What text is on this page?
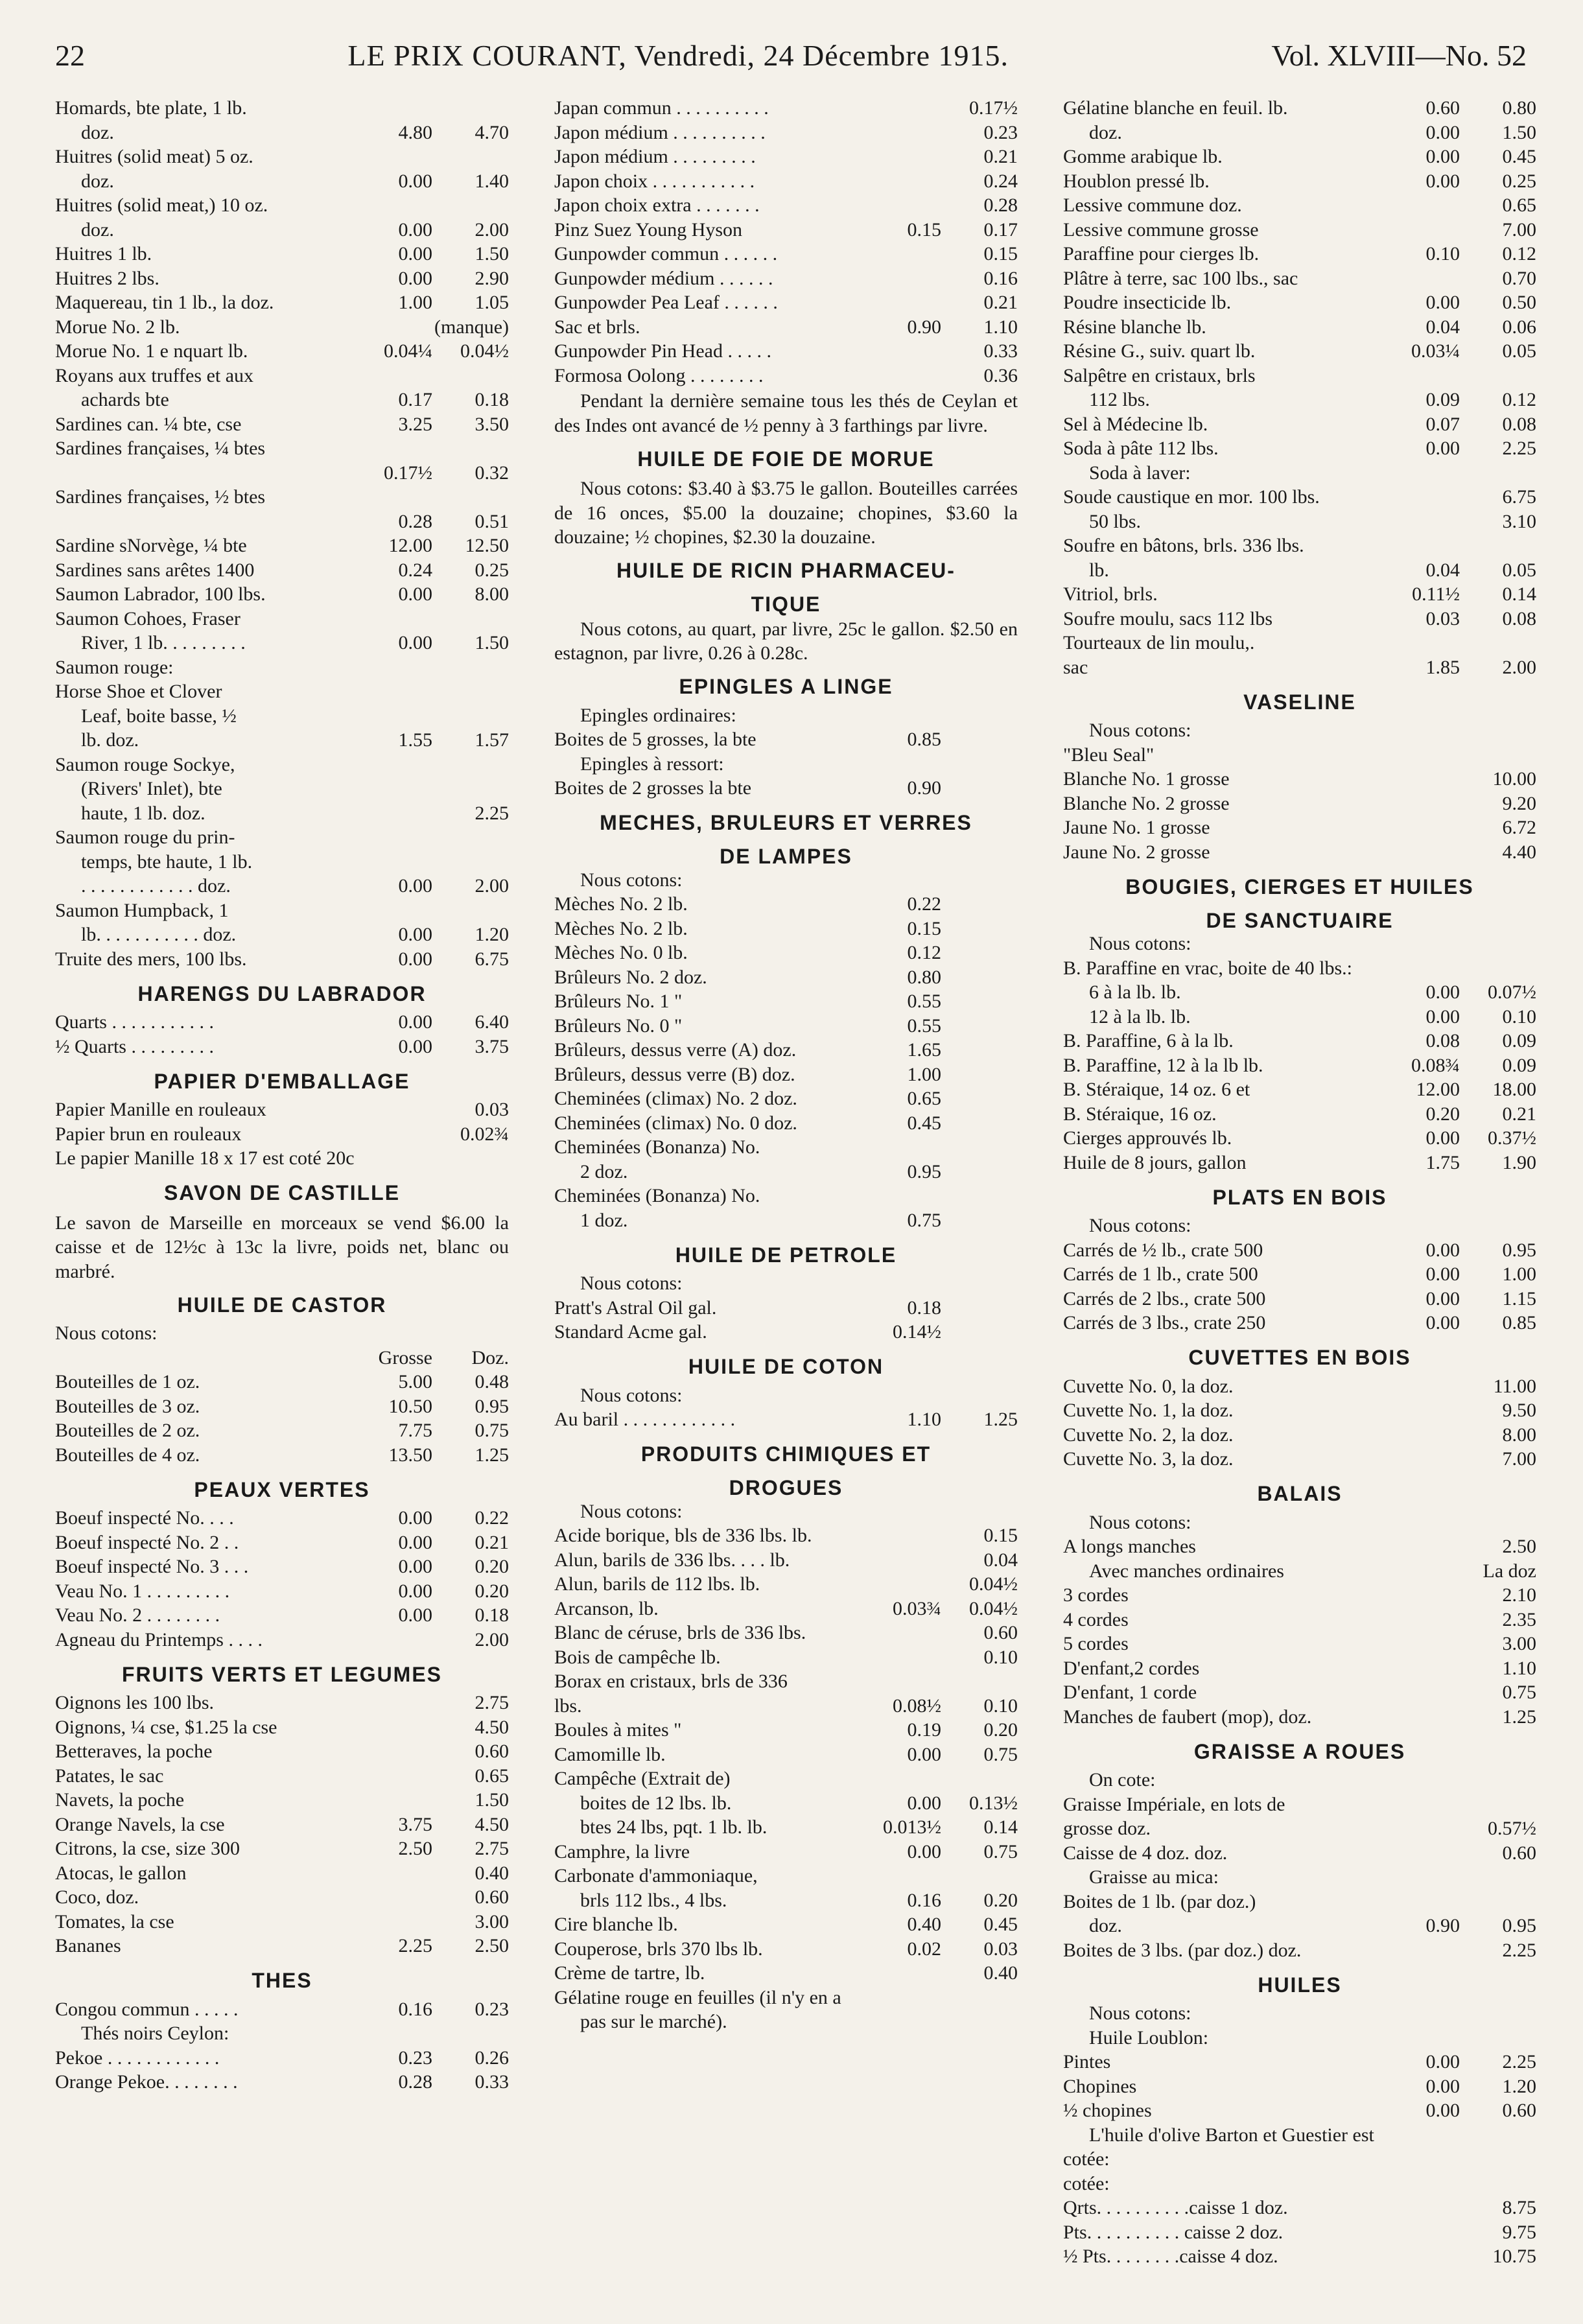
22	LE PRIX COURANT, Vendredi, 24 Décembre 1915.	Vol. XLVIII—No. 52
Homards, bte plate, 1 lb.
doz.	4.80	4.70
Huitres (solid meat) 5 oz.
doz.	0.00	1.40
Huitres (solid meat,) 10 oz.
doz.	0.00	2.00
Huitres 1 lb.	0.00	1.50
Huitres 2 lbs.	0.00	2.90
Maquereau, tin 1 lb., la doz.	1.00	1.05
Morue No. 2 lb.	(manque)
Morue No. 1 e nquart lb.	0.04¼	0.04½
Royans aux truffes et aux
achards bte	0.17	0.18
Sardines can. ¼ bte, cse	3.25	3.50
Sardines françaises, ¼ btes
0.17½	0.32
Sardines françaises, ½ btes
0.28	0.51
Sardine sNorvège, ¼ bte	12.00	12.50
Sardines sans arêtes 1400	0.24	0.25
Saumon Labrador, 100 lbs.	0.00	8.00
Saumon Cohoes, Fraser
River, 1 lb. . . . . . . . .	0.00	1.50
Saumon rouge:
Horse Shoe et Clover
Leaf, boite basse, ½
lb. doz.	1.55	1.57
Saumon rouge Sockye,
(Rivers' Inlet), bte
haute, 1 lb. doz.	2.25
Saumon rouge du prin-
temps, bte haute, 1 lb.
. . . . . . . . . . . . doz.	0.00	2.00
Saumon Humpback, 1
lb. . . . . . . . . . . doz.	0.00	1.20
Truite des mers, 100 lbs.	0.00	6.75
HARENGS DU LABRADOR
Quarts . . . . . . . . . . .	0.00	6.40
½ Quarts . . . . . . . . .	0.00	3.75
PAPIER D'EMBALLAGE
Papier Manille en rouleaux	0.03
Papier brun en rouleaux	0.02¾
Le papier Manille 18 x 17 est coté 20c
SAVON DE CASTILLE
Le savon de Marseille en morceaux se vend $6.00 la caisse et de 12½c à 13c la livre, poids net, blanc ou marbré.
HUILE DE CASTOR
Nous cotons:
Grosse	Doz.
Bouteilles de 1 oz.	5.00	0.48
Bouteilles de 3 oz.	10.50	0.95
Bouteilles de 2 oz.	7.75	0.75
Bouteilles de 4 oz.	13.50	1.25
PEAUX VERTES
Boeuf inspecté No. . . .	0.00	0.22
Boeuf inspecté No. 2 . .	0.00	0.21
Boeuf inspecté No. 3 . . .	0.00	0.20
Veau No. 1 . . . . . . . . .	0.00	0.20
Veau No. 2 . . . . . . . .	0.00	0.18
Agneau du Printemps . . . .	2.00
FRUITS VERTS ET LEGUMES
Oignons les 100 lbs.	2.75
Oignons, ¼ cse, $1.25 la cse	4.50
Betteraves, la poche	0.60
Patates, le sac	0.65
Navets, la poche	1.50
Orange Navels, la cse	3.75	4.50
Citrons, la cse, size 300	2.50	2.75
Atocas, le gallon	0.40
Coco, doz.	0.60
Tomates, la cse	3.00
Bananes	2.25	2.50
THES
Congou commun . . . . .	0.16	0.23
Thés noirs Ceylon:
Pekoe . . . . . . . . . . . .	0.23	0.26
Orange Pekoe. . . . . . . .	0.28	0.33
Japan commun . . . . . . . . . .	0.17½
Japon médium . . . . . . . . . .	0.23
Japon médium . . . . . . . . .	0.21
Japon choix . . . . . . . . . . .	0.24
Japon choix extra . . . . . . .	0.28
Pinz Suez Young Hyson	0.15	0.17
Gunpowder commun . . . . . .	0.15
Gunpowder médium . . . . . .	0.16
Gunpowder Pea Leaf . . . . . .	0.21
Sac et brls.	0.90	1.10
Gunpowder Pin Head . . . . .	0.33
Formosa Oolong . . . . . . . .	0.36
Pendant la dernière semaine tous les thés de Ceylan et des Indes ont avancé de ½ penny à 3 farthings par livre.
HUILE DE FOIE DE MORUE
Nous cotons: $3.40 à $3.75 le gallon. Bouteilles carrées de 16 onces, $5.00 la douzaine; chopines, $3.60 la douzaine; ½ chopines, $2.30 la douzaine.
HUILE DE RICIN PHARMACEU-
TIQUE
Nous cotons, au quart, par livre, 25c le gallon. $2.50 en estagnon, par livre, 0.26 à 0.28c.
EPINGLES A LINGE
Epingles ordinaires:
Boites de 5 grosses, la bte	0.85
Epingles à ressort:
Boites de 2 grosses la bte	0.90
MECHES, BRULEURS ET VERRES
DE LAMPES
Nous cotons:
Mèches No. 2 lb.	0.22
Mèches No. 2 lb.	0.15
Mèches No. 0 lb.	0.12
Brûleurs No. 2 doz.	0.80
Brûleurs No. 1 "	0.55
Brûleurs No. 0 "	0.55
Brûleurs, dessus verre (A) doz.	1.65
Brûleurs, dessus verre (B) doz.	1.00
Cheminées (climax) No. 2 doz.	0.65
Cheminées (climax) No. 0 doz.	0.45
Cheminées (Bonanza) No.
2 doz.	0.95
Cheminées (Bonanza) No.
1 doz.	0.75
HUILE DE PETROLE
Nous cotons:
Pratt's Astral Oil gal.	0.18
Standard Acme gal.	0.14½
HUILE DE COTON
Nous cotons:
Au baril . . . . . . . . . . . .	1.10	1.25
PRODUITS CHIMIQUES ET
DROGUES
Nous cotons:
Acide borique, bls de 336 lbs. lb.	0.15
Alun, barils de 336 lbs. . . . lb.	0.04
Alun, barils de 112 lbs. lb.	0.04½
Arcanson, lb.	0.03¾	0.04½
Blanc de céruse, brls de 336 lbs.	0.60
Bois de campêche lb.	0.10
Borax en cristaux, brls de 336
lbs.	0.08½	0.10
Boules à mites "	0.19	0.20
Camomille lb.	0.00	0.75
Campêche (Extrait de)
boites de 12 lbs. lb.	0.00	0.13½
btes 24 lbs, pqt. 1 lb. lb.	0.013½	0.14
Camphre, la livre	0.00	0.75
Carbonate d'ammoniaque,
brls 112 lbs., 4 lbs.	0.16	0.20
Cire blanche lb.	0.40	0.45
Couperose, brls 370 lbs lb.	0.02	0.03
Crème de tartre, lb.	0.40
Gélatine rouge en feuilles (il n'y en a
pas sur le marché).
Gélatine blanche en feuil. lb.	0.60	0.80
doz.	0.00	1.50
Gomme arabique lb.	0.00	0.45
Houblon pressé lb.	0.00	0.25
Lessive commune doz.	0.65
Lessive commune grosse	7.00
Paraffine pour cierges lb.	0.10	0.12
Plâtre à terre, sac 100 lbs., sac	0.70
Poudre insecticide lb.	0.00	0.50
Résine blanche lb.	0.04	0.06
Résine G., suiv. quart lb.	0.03¼	0.05
Salpêtre en cristaux, brls
112 lbs.	0.09	0.12
Sel à Médecine lb.	0.07	0.08
Soda à pâte 112 lbs.	0.00	2.25
Soda à laver:
Soude caustique en mor. 100 lbs.	6.75
50 lbs.	3.10
Soufre en bâtons, brls. 336 lbs.
lb.	0.04	0.05
Vitriol, brls.	0.11½	0.14
Soufre moulu, sacs 112 lbs	0.03	0.08
Tourteaux de lin moulu,.
sac	1.85	2.00
VASELINE
Nous cotons:
"Bleu Seal"
Blanche No. 1 grosse	10.00
Blanche No. 2 grosse	9.20
Jaune No. 1 grosse	6.72
Jaune No. 2 grosse	4.40
BOUGIES, CIERGES ET HUILES
DE SANCTUAIRE
Nous cotons:
B. Paraffine en vrac, boite de 40 lbs.:
6 à la lb. lb.	0.00	0.07½
12 à la lb. lb.	0.00	0.10
B. Paraffine, 6 à la lb.	0.08	0.09
B. Paraffine, 12 à la lb lb.	0.08¾	0.09
B. Stéraique, 14 oz. 6 et	12.00	18.00
B. Stéraique, 16 oz.	0.20	0.21
Cierges approuvés lb.	0.00	0.37½
Huile de 8 jours, gallon	1.75	1.90
PLATS EN BOIS
Nous cotons:
Carrés de ½ lb., crate 500	0.00	0.95
Carrés de 1 lb., crate 500	0.00	1.00
Carrés de 2 lbs., crate 500	0.00	1.15
Carrés de 3 lbs., crate 250	0.00	0.85
CUVETTES EN BOIS
Cuvette No. 0, la doz.	11.00
Cuvette No. 1, la doz.	9.50
Cuvette No. 2, la doz.	8.00
Cuvette No. 3, la doz.	7.00
BALAIS
Nous cotons:
A longs manches	2.50
Avec manches ordinaires	La doz
3 cordes	2.10
4 cordes	2.35
5 cordes	3.00
D'enfant,2 cordes	1.10
D'enfant, 1 corde	0.75
Manches de faubert (mop), doz.	1.25
GRAISSE A ROUES
On cote:
Graisse Impériale, en lots de
grosse doz.	0.57½
Caisse de 4 doz. doz.	0.60
Graisse au mica:
Boites de 1 lb. (par doz.)
doz.	0.90	0.95
Boites de 3 lbs. (par doz.) doz.	2.25
HUILES
Nous cotons:
Huile Loublon:
Pintes	0.00	2.25
Chopines	0.00	1.20
½ chopines	0.00	0.60
L'huile d'olive Barton et Guestier est
cotée:
cotée:
Qrts. . . . . . . . . .caisse 1 doz.	8.75
Pts. . . . . . . . . . caisse 2 doz.	9.75
½ Pts. . . . . . . .caisse 4 doz.	10.75
